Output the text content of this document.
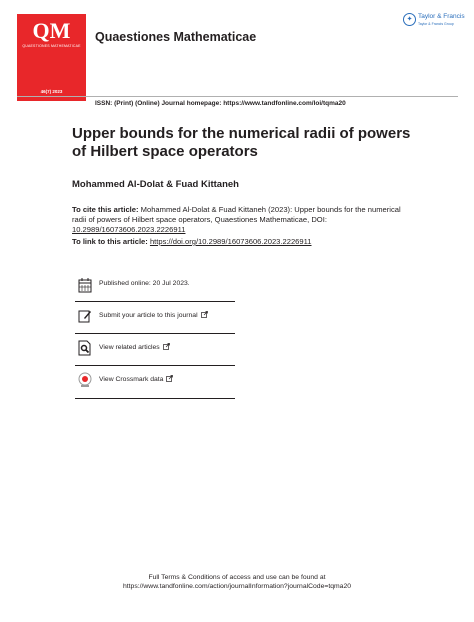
QM
QUAESTIONES MATHEMATICAE
46(7) 2023
Quaestiones Mathematicae
✦ Taylor & Francis
Taylor & Francis Group
ISSN: (Print) (Online) Journal homepage: https://www.tandfonline.com/loi/tqma20
Upper bounds for the numerical radii of powers of Hilbert space operators
Mohammed Al-Dolat & Fuad Kittaneh
To cite this article: Mohammed Al-Dolat & Fuad Kittaneh (2023): Upper bounds for the numerical radii of powers of Hilbert space operators, Quaestiones Mathematicae, DOI: 10.2989/16073606.2023.2226911
To link to this article: https://doi.org/10.2989/16073606.2023.2226911
Published online: 20 Jul 2023.
Submit your article to this journal
View related articles
View Crossmark data
Full Terms & Conditions of access and use can be found at
https://www.tandfonline.com/action/journalInformation?journalCode=tqma20
